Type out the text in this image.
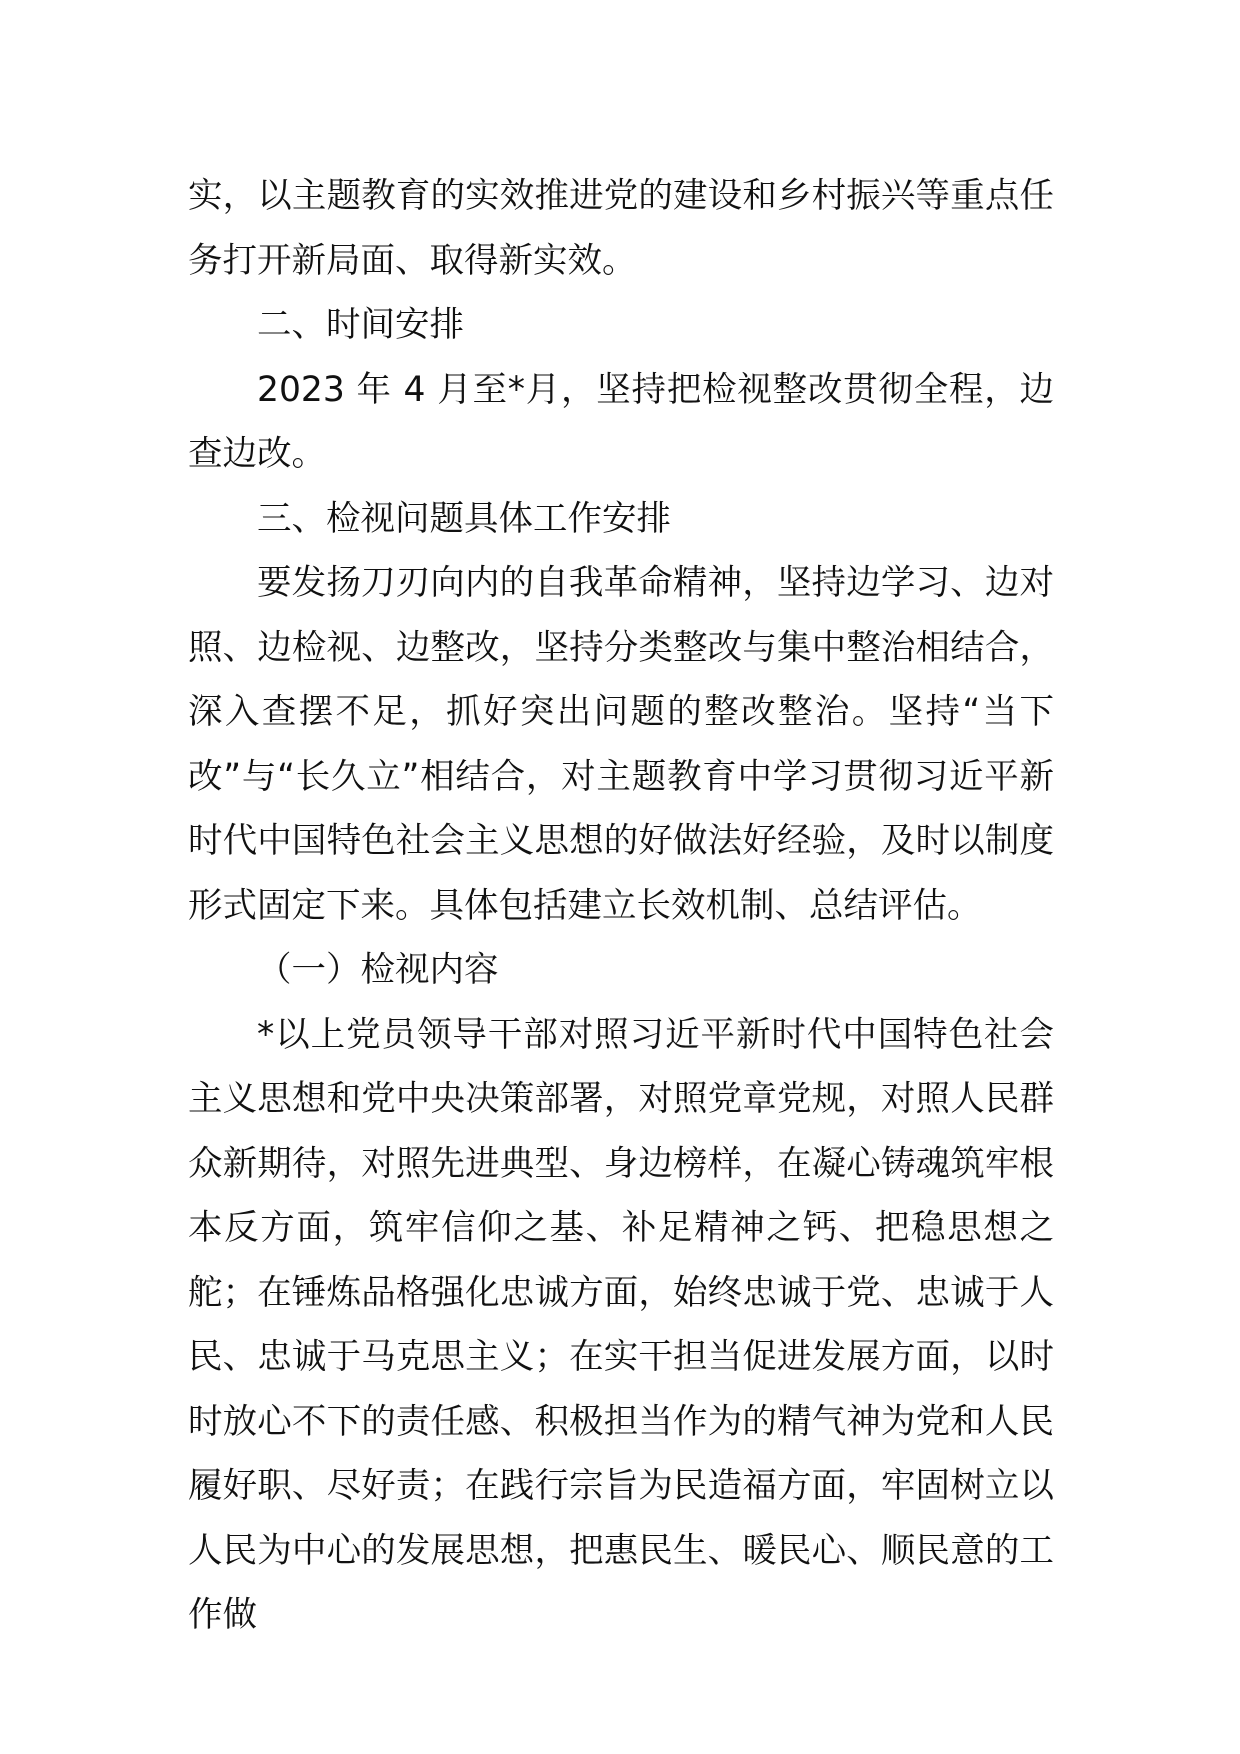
实，以主题教育的实效推进党的建设和乡村振兴等重点任务打开新局面、取得新实效。

二、时间安排

2023 年 4 月至*月，坚持把检视整改贯彻全程，边查边改。

三、检视问题具体工作安排

要发扬刀刃向内的自我革命精神，坚持边学习、边对照、边检视、边整改，坚持分类整改与集中整治相结合，深入查摆不足，抓好突出问题的整改整治。坚持“当下改”与“长久立”相结合，对主题教育中学习贯彻习近平新时代中国特色社会主义思想的好做法好经验，及时以制度形式固定下来。具体包括建立长效机制、总结评估。

（一）检视内容

*以上党员领导干部对照习近平新时代中国特色社会主义思想和党中央决策部署，对照党章党规，对照人民群众新期待，对照先进典型、身边榜样，在凝心铸魂筑牢根本反方面，筑牢信仰之基、补足精神之钙、把稳思想之舵；在锤炼品格强化忠诚方面，始终忠诚于党、忠诚于人民、忠诚于马克思主义；在实干担当促进发展方面，以时时放心不下的责任感、积极担当作为的精气神为党和人民履好职、尽好责；在践行宗旨为民造福方面，牢固树立以人民为中心的发展思想，把惠民生、暖民心、顺民意的工作做
